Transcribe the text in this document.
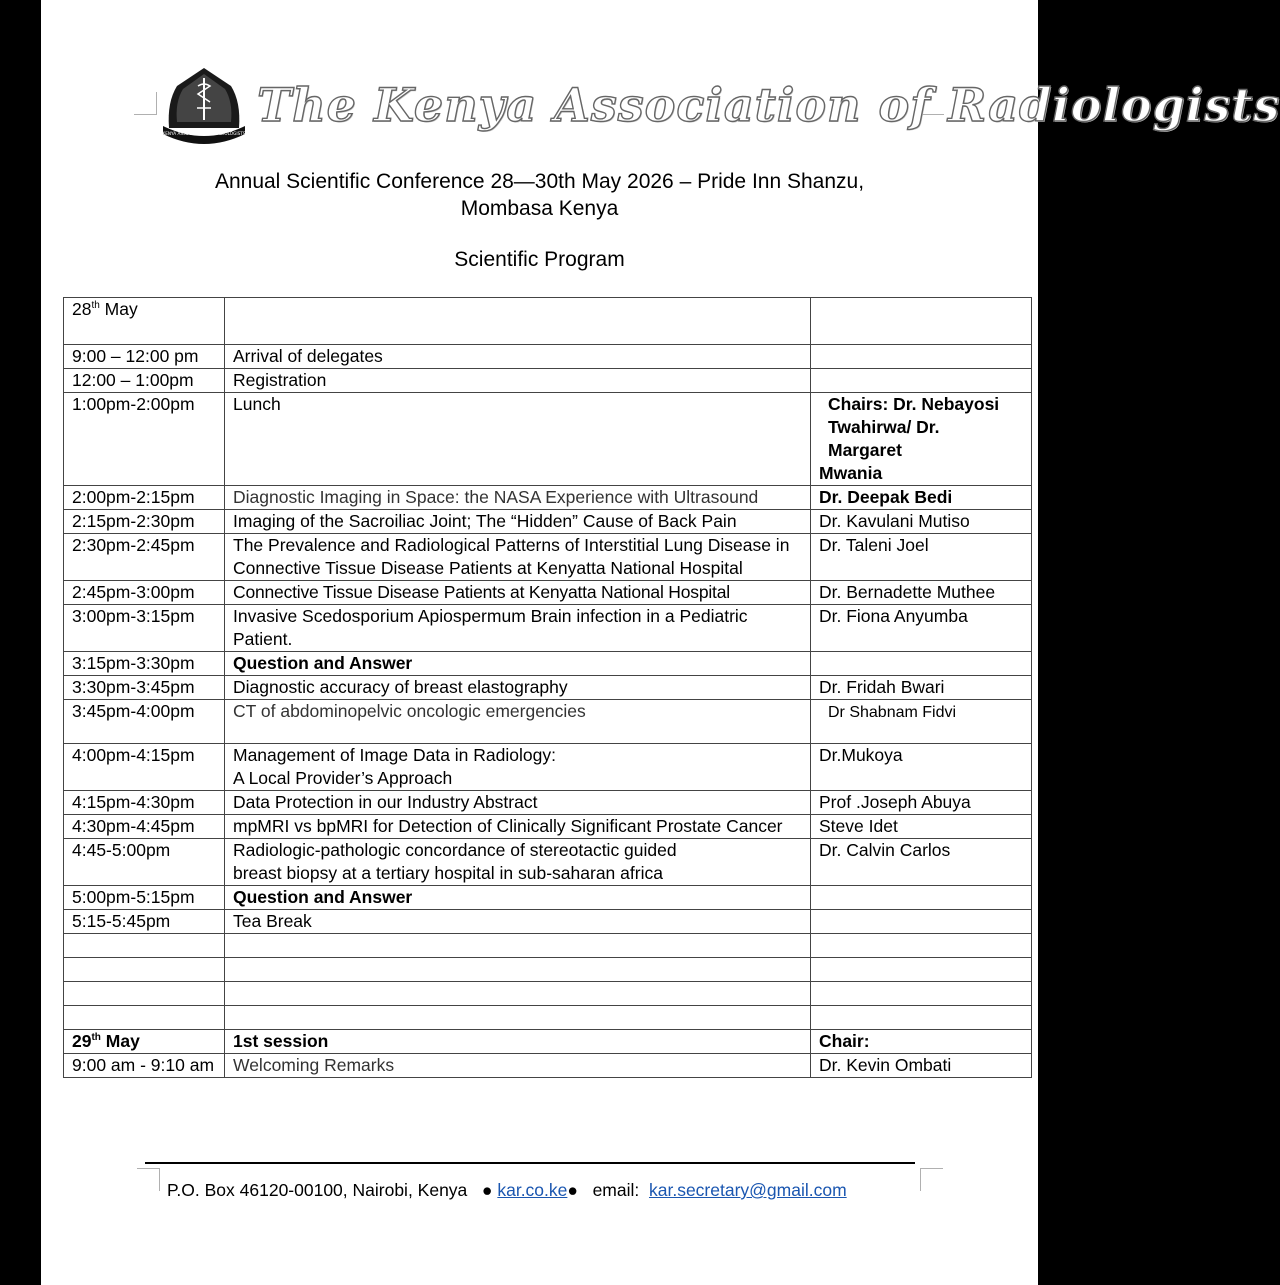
KENYA ASSOCIATION OF RADIOLOGISTS
The Kenya Association of Radiologists
Annual Scientific Conference 28—30th May 2026 – Pride Inn Shanzu,
Mombasa Kenya
Scientific Program
28th May		
9:00 – 12:00 pm	Arrival of delegates	
12:00 – 1:00pm	Registration	
1:00pm-2:00pm	Lunch	Chairs: Dr. Nebayosi
Twahirwa/ Dr.
Margaret
Mwania
2:00pm-2:15pm	Diagnostic Imaging in Space: the NASA Experience with Ultrasound	Dr. Deepak Bedi
2:15pm-2:30pm	Imaging of the Sacroiliac Joint; The “Hidden” Cause of Back Pain	Dr. Kavulani Mutiso
2:30pm-2:45pm	The Prevalence and Radiological Patterns of Interstitial Lung Disease in Connective Tissue Disease Patients at Kenyatta National Hospital	Dr. Taleni Joel
2:45pm-3:00pm	Connective Tissue Disease Patients at Kenyatta National Hospital	Dr. Bernadette Muthee
3:00pm-3:15pm	Invasive Scedosporium Apiospermum Brain infection in a Pediatric Patient.	Dr. Fiona Anyumba
3:15pm-3:30pm	Question and Answer	
3:30pm-3:45pm	Diagnostic accuracy of breast elastography	Dr. Fridah Bwari
3:45pm-4:00pm	CT of abdominopelvic oncologic emergencies	Dr Shabnam Fidvi
4:00pm-4:15pm	Management of Image Data in Radiology:
A Local Provider’s Approach	Dr.Mukoya
4:15pm-4:30pm	Data Protection in our Industry Abstract	Prof .Joseph Abuya
4:30pm-4:45pm	mpMRI vs bpMRI for Detection of Clinically Significant Prostate Cancer	Steve Idet
4:45-5:00pm	Radiologic-pathologic concordance of stereotactic guided
breast biopsy at a tertiary hospital in sub-saharan africa	Dr. Calvin Carlos
5:00pm-5:15pm	Question and Answer	
5:15-5:45pm	Tea Break	

29th May	1st session	Chair:
9:00 am - 9:10 am	Welcoming Remarks	Dr. Kevin Ombati
P.O. Box 46120-00100, Nairobi, Kenya ● kar.co.ke● email: kar.secretary@gmail.com
